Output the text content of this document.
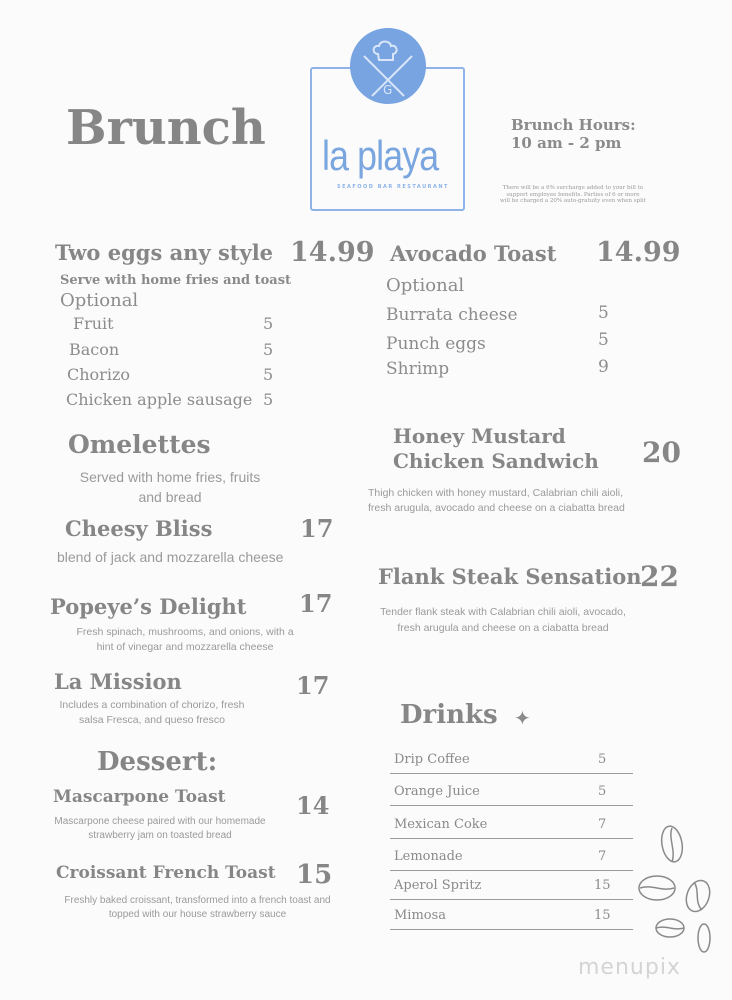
Brunch
G
la playa
SEAFOOD BAR RESTAURANT
Brunch Hours:
10 am - 2 pm
There will be a 6% surcharge added to your bill to
support employee benefits. Parties of 6 or more
will be charged a 20% auto-gratuity even when split
Two eggs any style 14.99
Serve with home fries and toast
Optional
Fruit	5
Bacon	5
Chorizo	5
Chicken apple sausage 5
Omelettes
Served with home fries, fruits
and bread
Cheesy Bliss	17
blend of jack and mozzarella cheese
Popeye’s Delight 17
Fresh spinach, mushrooms, and onions, with a
hint of vinegar and mozzarella cheese
La Mission	17
Includes a combination of chorizo, fresh
salsa Fresca, and queso fresco
Dessert:
Mascarpone Toast	14
Mascarpone cheese paired with our homemade
strawberry jam on toasted bread
Croissant French Toast 15
Freshly baked croissant, transformed into a french toast and
topped with our house strawberry sauce
Avocado Toast 14.99
Optional
Burrata cheese	5
Punch eggs	5
Shrimp	9
Honey Mustard
Chicken Sandwich 20
Thigh chicken with honey mustard, Calabrian chili aioli,
fresh arugula, avocado and cheese on a ciabatta bread
Flank Steak Sensation
22
Tender flank steak with Calabrian chili aioli, avocado,
fresh arugula and cheese on a ciabatta bread
Drinks ✦
Drip Coffee	5
Orange Juice	5
Mexican Coke	7
Lemonade	7
Aperol Spritz	15
Mimosa	15
menupix
